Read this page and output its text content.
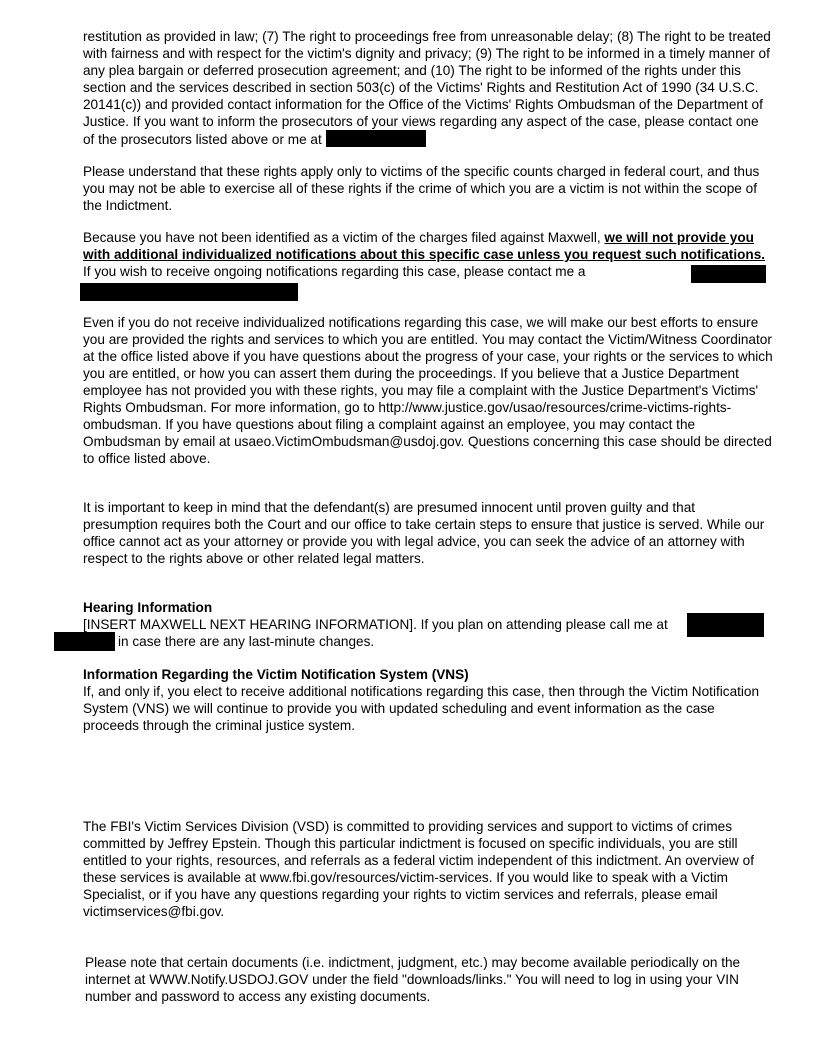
restitution as provided in law; (7) The right to proceedings free from unreasonable delay; (8) The right to be treated with fairness and with respect for the victim's dignity and privacy; (9) The right to be informed in a timely manner of any plea bargain or deferred prosecution agreement; and (10) The right to be informed of the rights under this section and the services described in section 503(c) of the Victims' Rights and Restitution Act of 1990 (34 U.S.C. 20141(c)) and provided contact information for the Office of the Victims' Rights Ombudsman of the Department of Justice. If you want to inform the prosecutors of your views regarding any aspect of the case, please contact one of the prosecutors listed above or me at

Please understand that these rights apply only to victims of the specific counts charged in federal court, and thus you may not be able to exercise all of these rights if the crime of which you are a victim is not within the scope of the Indictment.

Because you have not been identified as a victim of the charges filed against Maxwell, we will not provide you with additional individualized notifications about this specific case unless you request such notifications. If you wish to receive ongoing notifications regarding this case, please contact me a

Even if you do not receive individualized notifications regarding this case, we will make our best efforts to ensure you are provided the rights and services to which you are entitled. You may contact the Victim/Witness Coordinator at the office listed above if you have questions about the progress of your case, your rights or the services to which you are entitled, or how you can assert them during the proceedings. If you believe that a Justice Department employee has not provided you with these rights, you may file a complaint with the Justice Department's Victims' Rights Ombudsman. For more information, go to http://www.justice.gov/usao/resources/crime-victims-rights-ombudsman. If you have questions about filing a complaint against an employee, you may contact the Ombudsman by email at usaeo.VictimOmbudsman@usdoj.gov. Questions concerning this case should be directed to office listed above.

It is important to keep in mind that the defendant(s) are presumed innocent until proven guilty and that presumption requires both the Court and our office to take certain steps to ensure that justice is served. While our office cannot act as your attorney or provide you with legal advice, you can seek the advice of an attorney with respect to the rights above or other related legal matters.

Hearing Information
[INSERT MAXWELL NEXT HEARING INFORMATION]. If you plan on attending please call me at
in case there are any last-minute changes.
Information Regarding the Victim Notification System (VNS)
If, and only if, you elect to receive additional notifications regarding this case, then through the Victim Notification System (VNS) we will continue to provide you with updated scheduling and event information as the case proceeds through the criminal justice system.

The FBI's Victim Services Division (VSD) is committed to providing services and support to victims of crimes committed by Jeffrey Epstein. Though this particular indictment is focused on specific individuals, you are still entitled to your rights, resources, and referrals as a federal victim independent of this indictment. An overview of these services is available at www.fbi.gov/resources/victim-services. If you would like to speak with a Victim Specialist, or if you have any questions regarding your rights to victim services and referrals, please email victimservices@fbi.gov.

Please note that certain documents (i.e. indictment, judgment, etc.) may become available periodically on the internet at WWW.Notify.USDOJ.GOV under the field "downloads/links." You will need to log in using your VIN number and password to access any existing documents.
